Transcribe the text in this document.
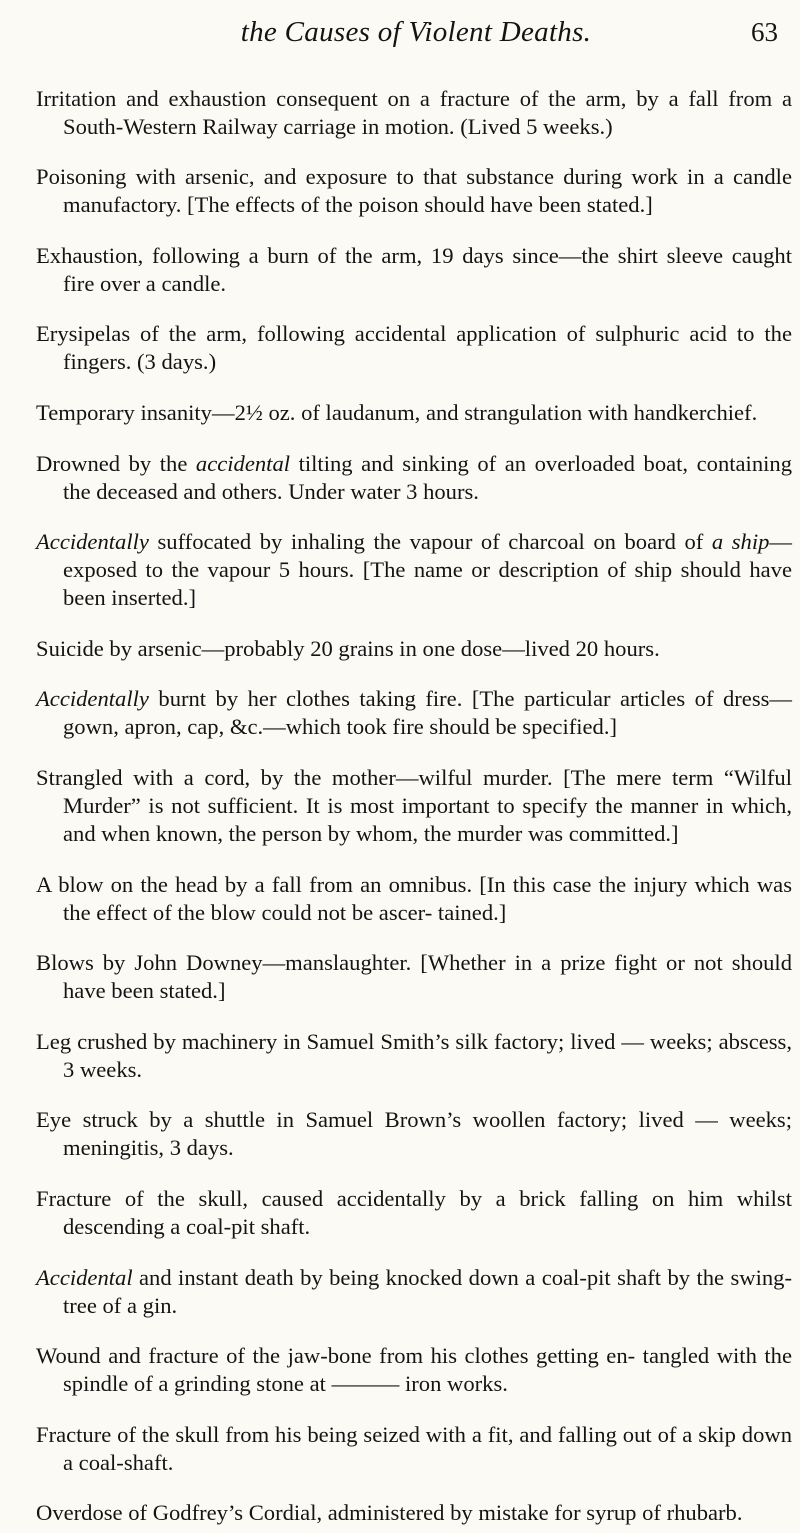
the Causes of Violent Deaths.	63

Irritation and exhaustion consequent on a fracture of the arm, by a fall from a South-Western Railway carriage in motion. (Lived 5 weeks.)

Poisoning with arsenic, and exposure to that substance during work in a candle manufactory. [The effects of the poison should have been stated.]

Exhaustion, following a burn of the arm, 19 days since—the shirt sleeve caught fire over a candle.

Erysipelas of the arm, following accidental application of sulphuric acid to the fingers. (3 days.)

Temporary insanity—2½ oz. of laudanum, and strangulation with handkerchief.

Drowned by the accidental tilting and sinking of an overloaded boat, containing the deceased and others. Under water 3 hours.

Accidentally suffocated by inhaling the vapour of charcoal on board of a ship—exposed to the vapour 5 hours. [The name or description of ship should have been inserted.]

Suicide by arsenic—probably 20 grains in one dose—lived 20 hours.

Accidentally burnt by her clothes taking fire. [The particular articles of dress—gown, apron, cap, &c.—which took fire should be specified.]

Strangled with a cord, by the mother—wilful murder. [The mere term “Wilful Murder” is not sufficient. It is most important to specify the manner in which, and when known, the person by whom, the murder was committed.]

A blow on the head by a fall from an omnibus. [In this case the injury which was the effect of the blow could not be ascer- tained.]

Blows by John Downey—manslaughter. [Whether in a prize fight or not should have been stated.]

Leg crushed by machinery in Samuel Smith’s silk factory; lived — weeks; abscess, 3 weeks.

Eye struck by a shuttle in Samuel Brown’s woollen factory; lived — weeks; meningitis, 3 days.

Fracture of the skull, caused accidentally by a brick falling on him whilst descending a coal-pit shaft.

Accidental and instant death by being knocked down a coal-pit shaft by the swing-tree of a gin.

Wound and fracture of the jaw-bone from his clothes getting en- tangled with the spindle of a grinding stone at ——— iron works.

Fracture of the skull from his being seized with a fit, and falling out of a skip down a coal-shaft.

Overdose of Godfrey’s Cordial, administered by mistake for syrup of rhubarb.
